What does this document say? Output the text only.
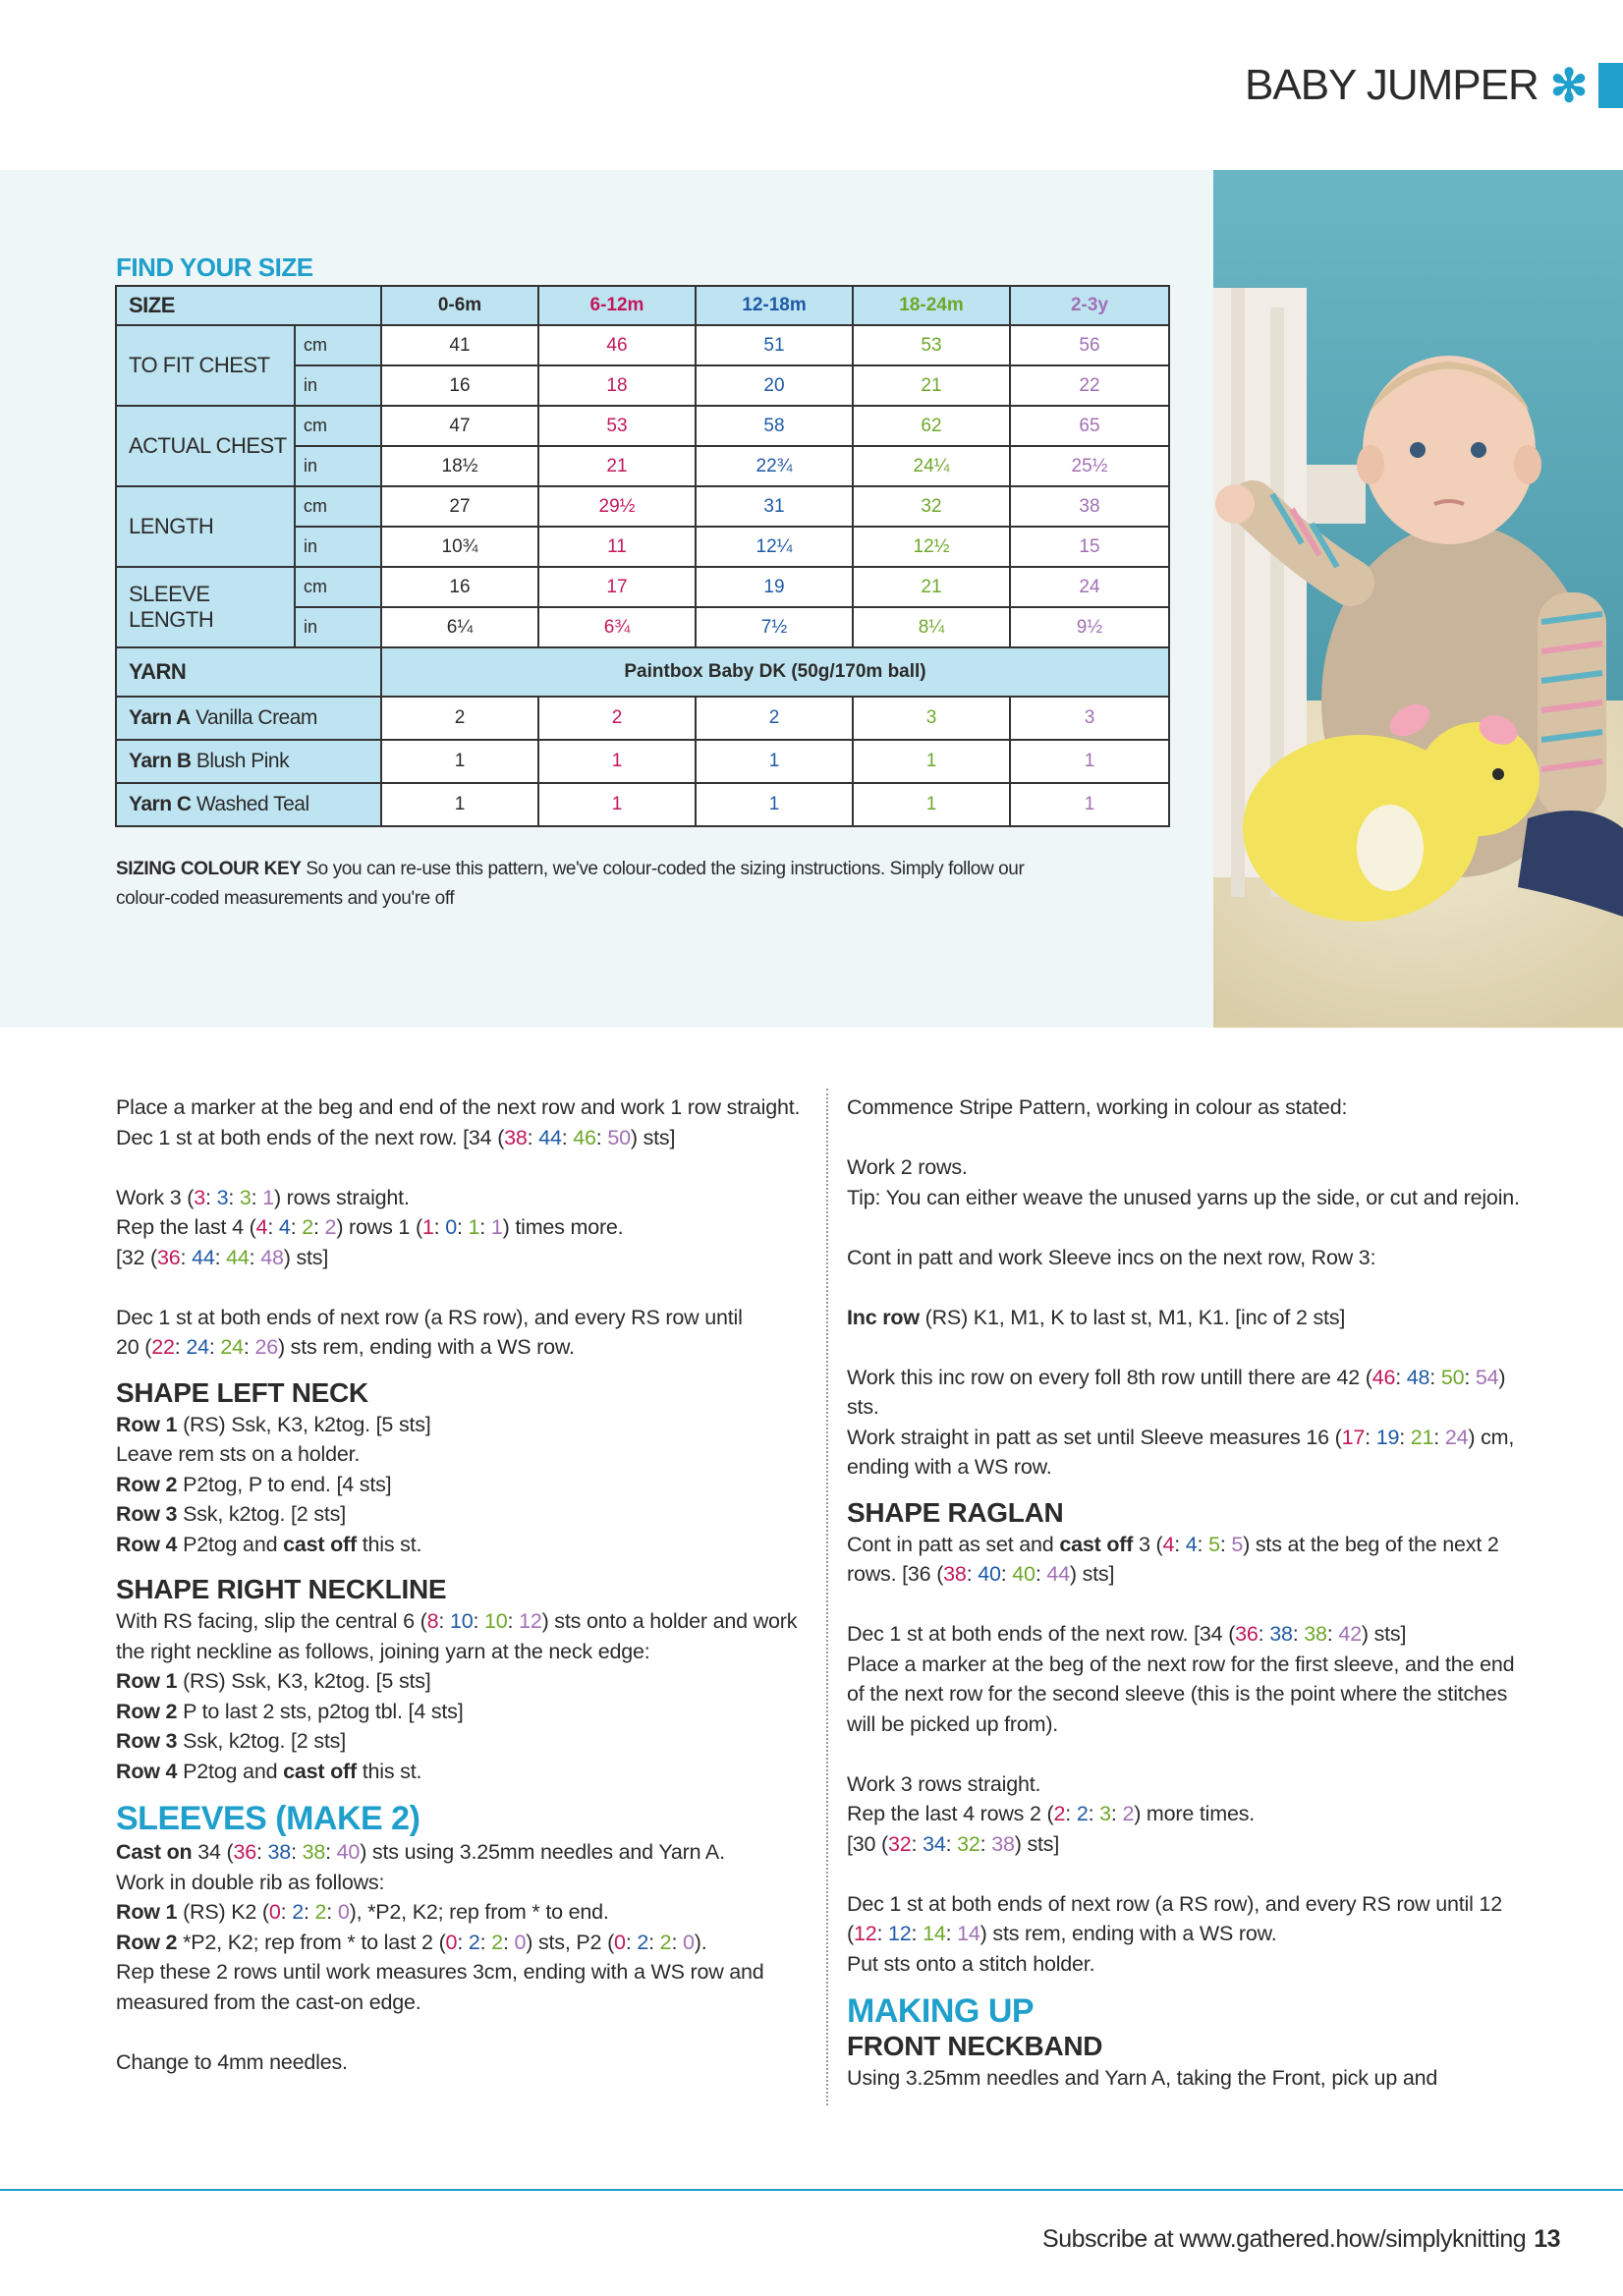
BABY JUMPER ✻
FIND YOUR SIZE
SIZE		0-6m	6-12m	12-18m	18-24m	2-3y
TO FIT CHEST	cm	41	46	51	53	56
	in	16	18	20	21	22
ACTUAL CHEST	cm	47	53	58	62	65
	in	18½	21	22¾	24¼	25½
LENGTH	cm	27	29½	31	32	38
	in	10¾	11	12¼	12½	15
SLEEVE LENGTH	cm	16	17	19	21	24
	in	6¼	6¾	7½	8¼	9½
YARN		Paintbox Baby DK (50g/170m ball)				
Yarn A Vanilla Cream		2	2	2	3	3
Yarn B Blush Pink		1	1	1	1	1
Yarn C Washed Teal		1	1	1	1	1
SIZING COLOUR KEY So you can re-use this pattern, we've colour-coded the sizing instructions. Simply follow our colour-coded measurements and you're off

Place a marker at the beg and end of the next row and work 1 row straight.

Dec 1 st at both ends of the next row. [34 (38: 44: 46: 50) sts]

Work 3 (3: 3: 3: 1) rows straight.

Rep the last 4 (4: 4: 2: 2) rows 1 (1: 0: 1: 1) times more.

[32 (36: 44: 44: 48) sts]

Dec 1 st at both ends of next row (a RS row), and every RS row until

20 (22: 24: 24: 26) sts rem, ending with a WS row.

SHAPE LEFT NECK

Row 1 (RS) Ssk, K3, k2tog. [5 sts]

Leave rem sts on a holder.

Row 2 P2tog, P to end. [4 sts]

Row 3 Ssk, k2tog. [2 sts]

Row 4 P2tog and cast off this st.

SHAPE RIGHT NECKLINE

With RS facing, slip the central 6 (8: 10: 10: 12) sts onto a holder and work the right neckline as follows, joining yarn at the neck edge:

Row 1 (RS) Ssk, K3, k2tog. [5 sts]

Row 2 P to last 2 sts, p2tog tbl. [4 sts]

Row 3 Ssk, k2tog. [2 sts]

Row 4 P2tog and cast off this st.

SLEEVES (MAKE 2)

Cast on 34 (36: 38: 38: 40) sts using 3.25mm needles and Yarn A.

Work in double rib as follows:

Row 1 (RS) K2 (0: 2: 2: 0), *P2, K2; rep from * to end.

Row 2 *P2, K2; rep from * to last 2 (0: 2: 2: 0) sts, P2 (0: 2: 2: 0).

Rep these 2 rows until work measures 3cm, ending with a WS row and measured from the cast-on edge.

Change to 4mm needles.

Commence Stripe Pattern, working in colour as stated:

Work 2 rows.

Tip: You can either weave the unused yarns up the side, or cut and rejoin.

Cont in patt and work Sleeve incs on the next row, Row 3:

Inc row (RS) K1, M1, K to last st, M1, K1. [inc of 2 sts]

Work this inc row on every foll 8th row untill there are 42 (46: 48: 50: 54) sts.

Work straight in patt as set until Sleeve measures 16 (17: 19: 21: 24) cm, ending with a WS row.

SHAPE RAGLAN

Cont in patt as set and cast off 3 (4: 4: 5: 5) sts at the beg of the next 2 rows. [36 (38: 40: 40: 44) sts]

Dec 1 st at both ends of the next row. [34 (36: 38: 38: 42) sts]

Place a marker at the beg of the next row for the first sleeve, and the end of the next row for the second sleeve (this is the point where the stitches will be picked up from).

Work 3 rows straight.

Rep the last 4 rows 2 (2: 2: 3: 2) more times.

[30 (32: 34: 32: 38) sts]

Dec 1 st at both ends of next row (a RS row), and every RS row until 12 (12: 12: 14: 14) sts rem, ending with a WS row.

Put sts onto a stitch holder.

MAKING UP
FRONT NECKBAND

Using 3.25mm needles and Yarn A, taking the Front, pick up and

Subscribe at www.gathered.how/simplyknitting 13
